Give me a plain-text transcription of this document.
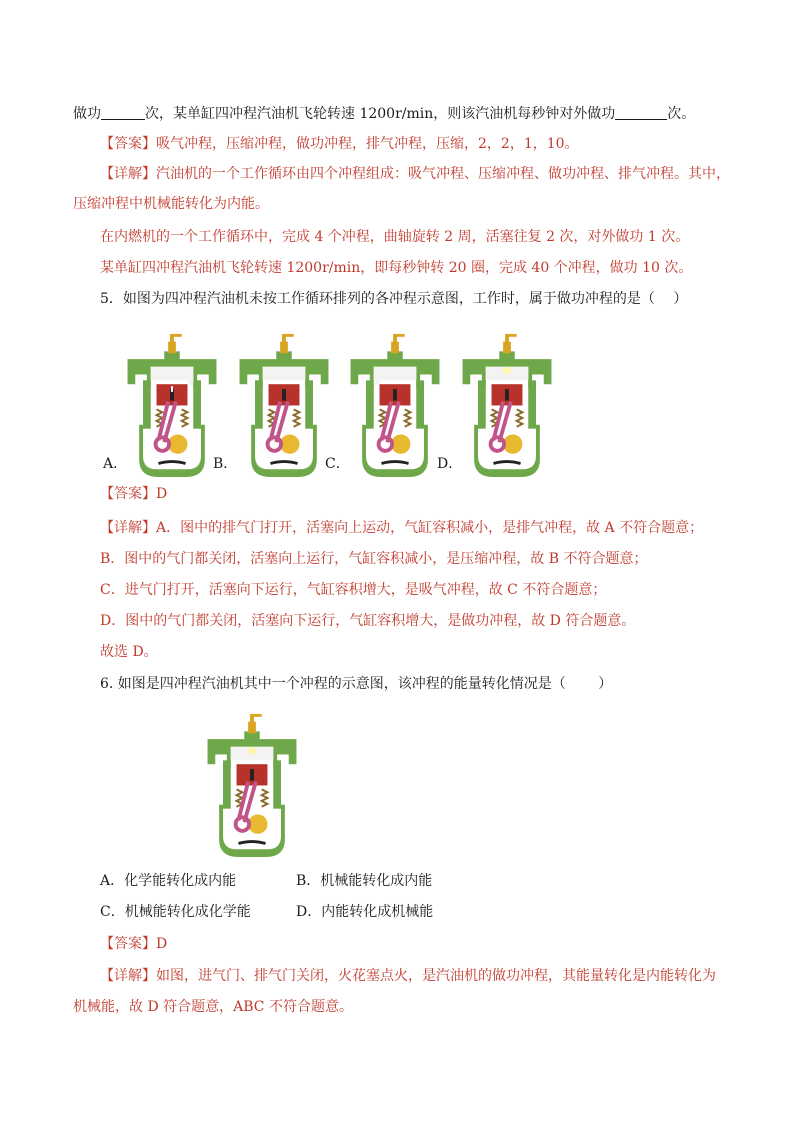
做功	次，某单缸四冲程汽油机飞轮转速 1200r/min，则该汽油机每秒钟对外做功	次。
【答案】吸气冲程，压缩冲程，做功冲程，排气冲程，压缩，2，2，1，10。
【详解】汽油机的一个工作循环由四个冲程组成：吸气冲程、压缩冲程、做功冲程、排气冲程。其中，
压缩冲程中机械能转化为内能。
在内燃机的一个工作循环中，完成 4 个冲程，曲轴旋转 2 周，活塞往复 2 次，对外做功 1 次。
某单缸四冲程汽油机飞轮转速 1200r/min，即每秒钟转 20 圈，完成 40 个冲程，做功 10 次。
5．如图为四冲程汽油机未按工作循环排列的各冲程示意图，工作时，属于做功冲程的是（　 ）
A．	B．	C．	D．
【答案】D
【详解】A．图中的排气门打开，活塞向上运动，气缸容积减小，是排气冲程，故 A 不符合题意；
B．图中的气门都关闭，活塞向上运行，气缸容积减小，是压缩冲程，故 B 不符合题意；
C．进气门打开，活塞向下运行，气缸容积增大，是吸气冲程，故 C 不符合题意；
D．图中的气门都关闭，活塞向下运行，气缸容积增大，是做功冲程，故 D 符合题意。
故选 D。
6. 如图是四冲程汽油机其中一个冲程的示意图，该冲程的能量转化情况是（　　 ）
A．化学能转化成内能	B．机械能转化成内能
C．机械能转化成化学能	D．内能转化成机械能
【答案】D
【详解】如图，进气门、排气门关闭，火花塞点火，是汽油机的做功冲程，其能量转化是内能转化为
机械能，故 D 符合题意，ABC 不符合题意。
